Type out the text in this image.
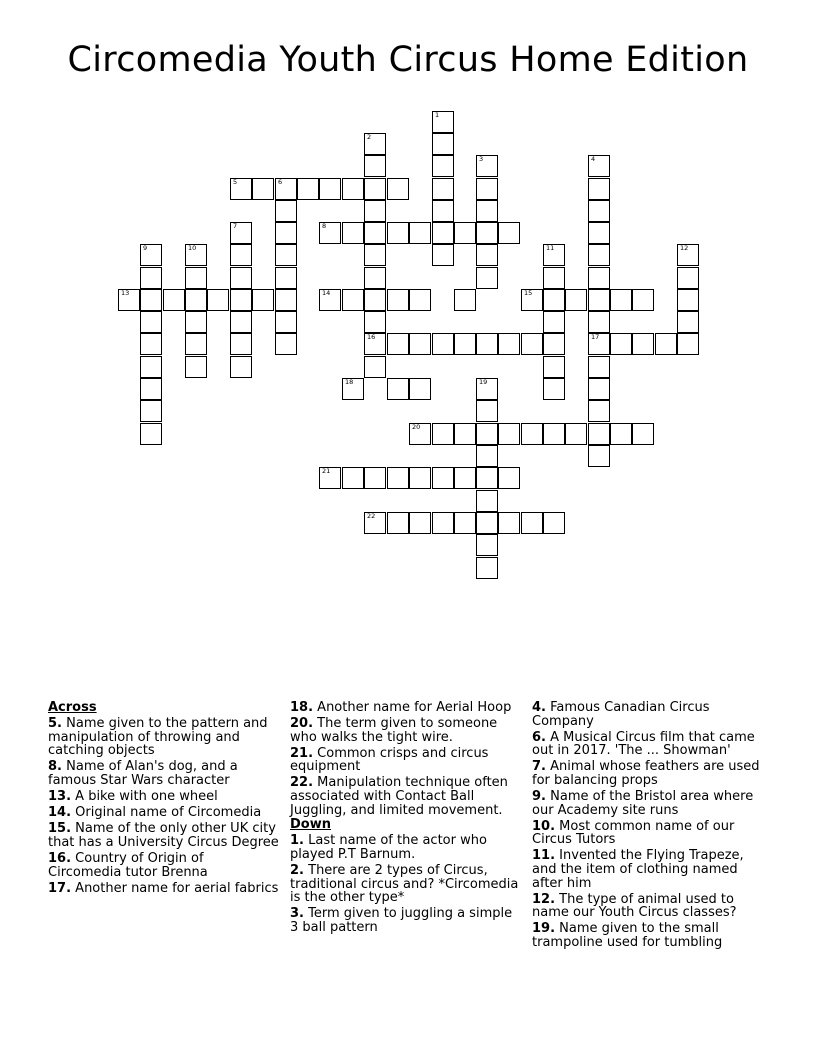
Circomedia Youth Circus Home Edition
1
2
16
3	4
17
5	6
8
7
9	10	11	12
13	14	15
18	19
20
21
22
Across
5. Name given to the pattern and manipulation of throwing and catching objects
8. Name of Alan's dog, and a famous Star Wars character
13. A bike with one wheel
14. Original name of Circomedia
15. Name of the only other UK city that has a University Circus Degree
16. Country of Origin of Circomedia tutor Brenna
17. Another name for aerial fabrics
18. Another name for Aerial Hoop
20. The term given to someone who walks the tight wire.
21. Common crisps and circus equipment
22. Manipulation technique often associated with Contact Ball Juggling, and limited movement.
Down
1. Last name of the actor who played P.T Barnum.
2. There are 2 types of Circus, traditional circus and? *Circomedia is the other type*
3. Term given to juggling a simple 3 ball pattern
4. Famous Canadian Circus Company
6. A Musical Circus film that came out in 2017. 'The ... Showman'
7. Animal whose feathers are used for balancing props
9. Name of the Bristol area where our Academy site runs
10. Most common name of our Circus Tutors
11. Invented the Flying Trapeze, and the item of clothing named after him
12. The type of animal used to name our Youth Circus classes?
19. Name given to the small trampoline used for tumbling
